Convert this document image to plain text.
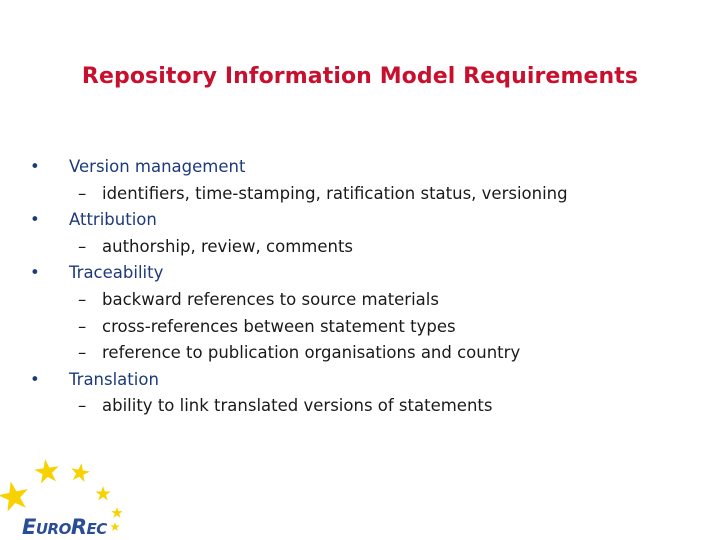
Repository Information Model Requirements
• Version management
– identifiers, time-stamping, ratification status, versioning
• Attribution
– authorship, review, comments
• Traceability
– backward references to source materials
– cross-references between statement types
– reference to publication organisations and country
• Translation
– ability to link translated versions of statements
EUROREC
